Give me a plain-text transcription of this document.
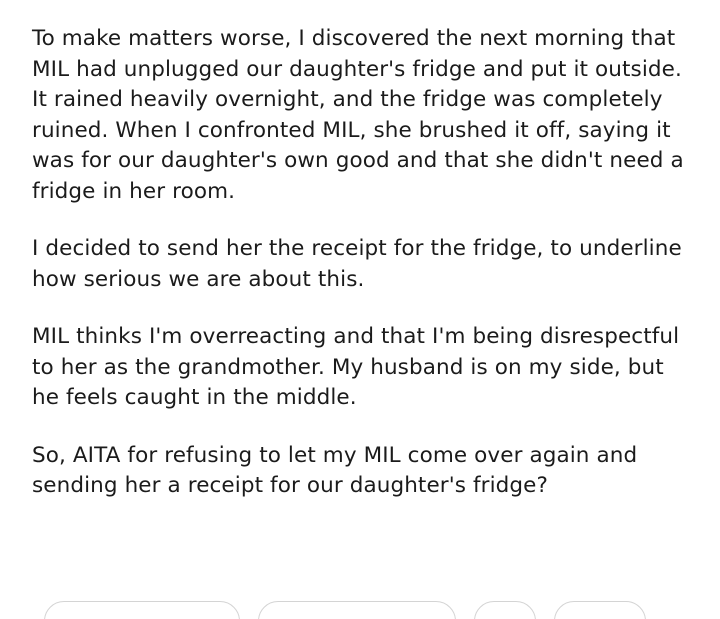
To make matters worse, I discovered the next morning that MIL had unplugged our daughter's fridge and put it outside. It rained heavily overnight, and the fridge was completely ruined. When I confronted MIL, she brushed it off, saying it was for our daughter's own good and that she didn't need a fridge in her room.

I decided to send her the receipt for the fridge, to underline how serious we are about this.

MIL thinks I'm overreacting and that I'm being disrespectful to her as the grandmother. My husband is on my side, but he feels caught in the middle.

So, AITA for refusing to let my MIL come over again and sending her a receipt for our daughter's fridge?
